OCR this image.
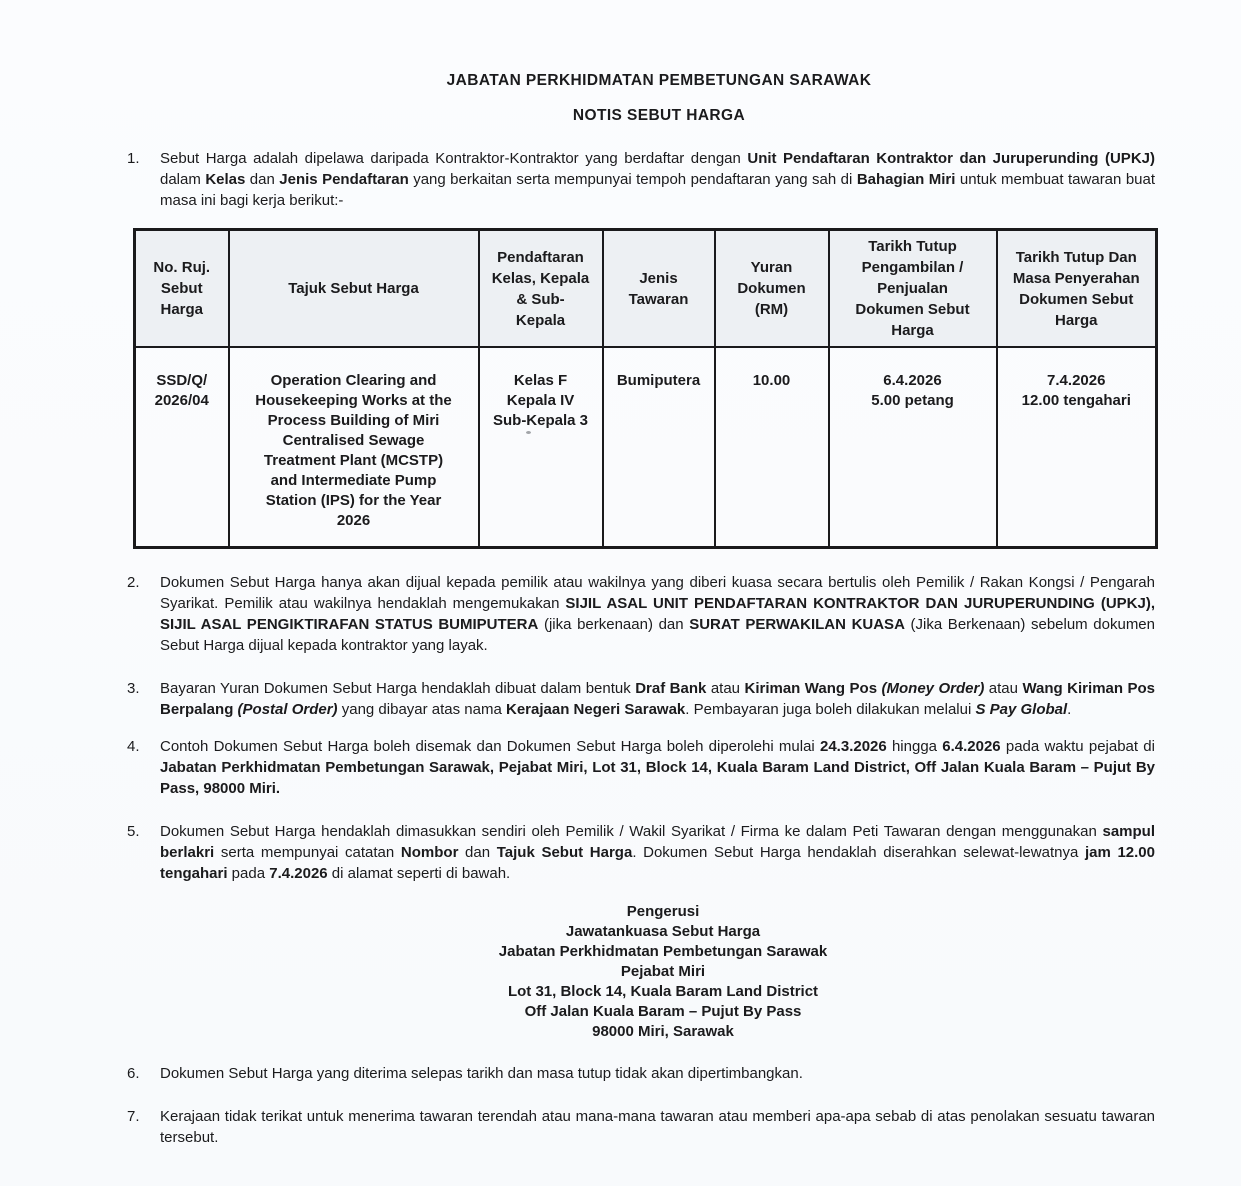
JABATAN PERKHIDMATAN PEMBETUNGAN SARAWAK
NOTIS SEBUT HARGA
1.	Sebut Harga adalah dipelawa daripada Kontraktor-Kontraktor yang berdaftar dengan Unit Pendaftaran Kontraktor dan Juruperunding (UPKJ) dalam Kelas dan Jenis Pendaftaran yang berkaitan serta mempunyai tempoh pendaftaran yang sah di Bahagian Miri untuk membuat tawaran buat masa ini bagi kerja berikut:-
No. Ruj.
Sebut
Harga	Tajuk Sebut Harga	Pendaftaran
Kelas, Kepala
& Sub-
Kepala	Jenis
Tawaran	Yuran
Dokumen
(RM)	Tarikh Tutup
Pengambilan /
Penjualan
Dokumen Sebut
Harga	Tarikh Tutup Dan
Masa Penyerahan
Dokumen Sebut
Harga
SSD/Q/
2026/04	Operation Clearing and
Housekeeping Works at the
Process Building of Miri
Centralised Sewage
Treatment Plant (MCSTP)
and Intermediate Pump
Station (IPS) for the Year
2026	Kelas F
Kepala IV
Sub-Kepala 3	Bumiputera	10.00	6.4.2026
5.00 petang	7.4.2026
12.00 tengahari
2.	Dokumen Sebut Harga hanya akan dijual kepada pemilik atau wakilnya yang diberi kuasa secara bertulis oleh Pemilik / Rakan Kongsi / Pengarah Syarikat. Pemilik atau wakilnya hendaklah mengemukakan SIJIL ASAL UNIT PENDAFTARAN KONTRAKTOR DAN JURUPERUNDING (UPKJ), SIJIL ASAL PENGIKTIRAFAN STATUS BUMIPUTERA (jika berkenaan) dan SURAT PERWAKILAN KUASA (Jika Berkenaan) sebelum dokumen Sebut Harga dijual kepada kontraktor yang layak.
3.	Bayaran Yuran Dokumen Sebut Harga hendaklah dibuat dalam bentuk Draf Bank atau Kiriman Wang Pos (Money Order) atau Wang Kiriman Pos Berpalang (Postal Order) yang dibayar atas nama Kerajaan Negeri Sarawak. Pembayaran juga boleh dilakukan melalui S Pay Global.
4.	Contoh Dokumen Sebut Harga boleh disemak dan Dokumen Sebut Harga boleh diperolehi mulai 24.3.2026 hingga 6.4.2026 pada waktu pejabat di Jabatan Perkhidmatan Pembetungan Sarawak, Pejabat Miri, Lot 31, Block 14, Kuala Baram Land District, Off Jalan Kuala Baram – Pujut By Pass, 98000 Miri.
5.	Dokumen Sebut Harga hendaklah dimasukkan sendiri oleh Pemilik / Wakil Syarikat / Firma ke dalam Peti Tawaran dengan menggunakan sampul berlakri serta mempunyai catatan Nombor dan Tajuk Sebut Harga. Dokumen Sebut Harga hendaklah diserahkan selewat-lewatnya jam 12.00 tengahari pada 7.4.2026 di alamat seperti di bawah.
Pengerusi
Jawatankuasa Sebut Harga
Jabatan Perkhidmatan Pembetungan Sarawak
Pejabat Miri
Lot 31, Block 14, Kuala Baram Land District
Off Jalan Kuala Baram – Pujut By Pass
98000 Miri, Sarawak
6.	Dokumen Sebut Harga yang diterima selepas tarikh dan masa tutup tidak akan dipertimbangkan.
7.	Kerajaan tidak terikat untuk menerima tawaran terendah atau mana-mana tawaran atau memberi apa-apa sebab di atas penolakan sesuatu tawaran tersebut.
